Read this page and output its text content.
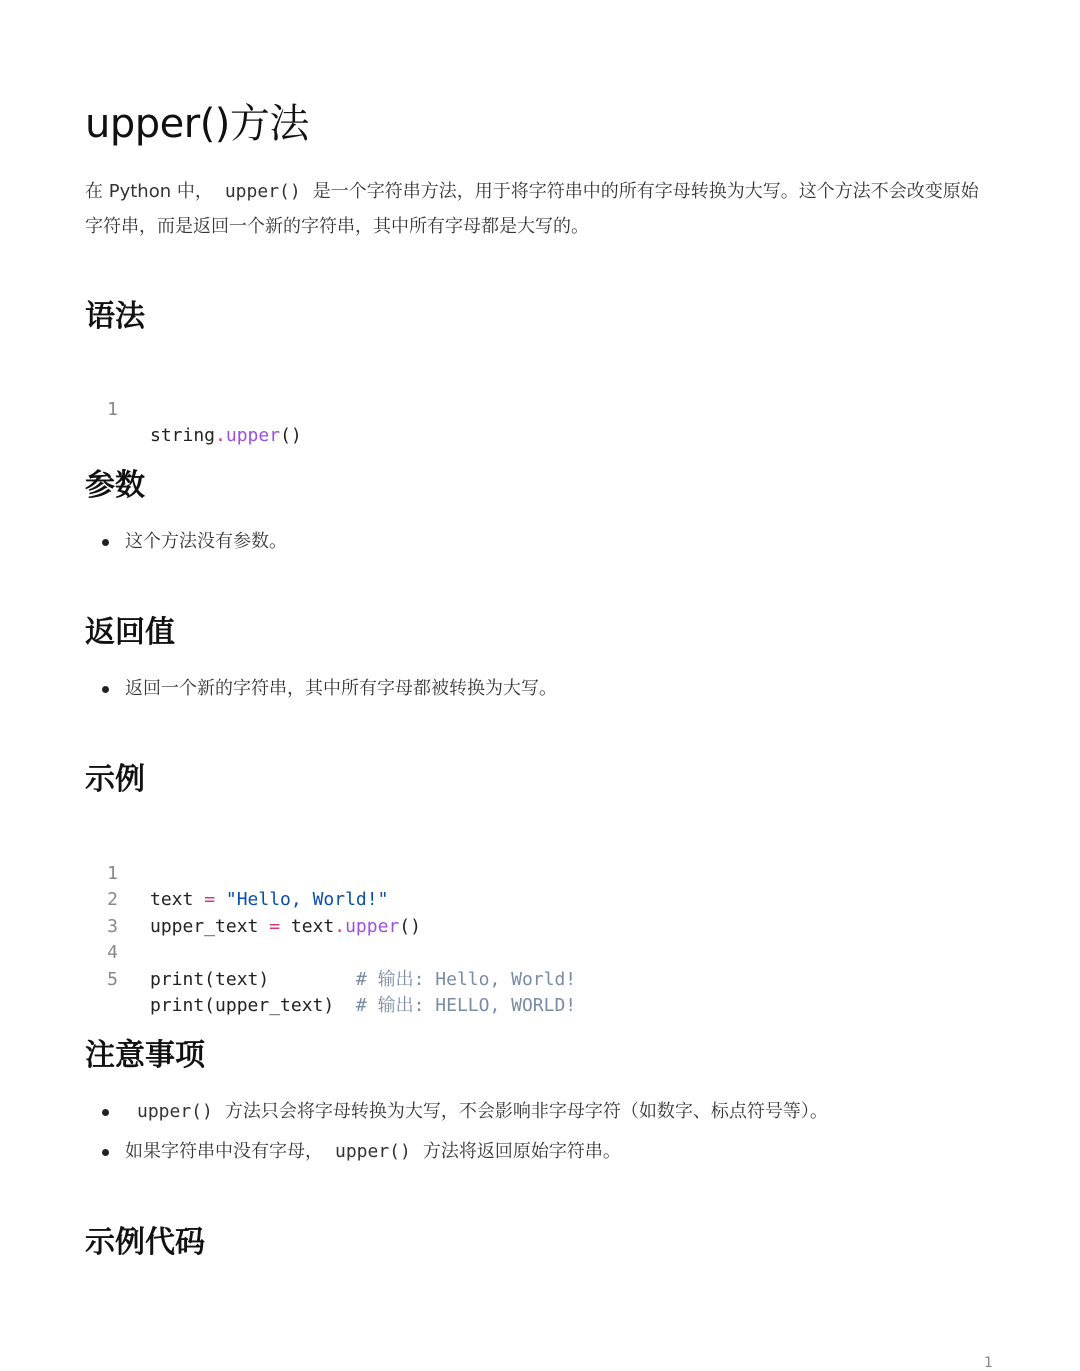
upper()方法

在 Python 中， upper() 是一个字符串方法，用于将字符串中的所有字母转换为大写。这个方法不会改变原始字符串，而是返回一个新的字符串，其中所有字母都是大写的。

语法

1

string.upper()

参数
这个方法没有参数。
返回值
返回一个新的字符串，其中所有字母都被转换为大写。
示例

1

text = "Hello, World!"

2

upper_text = text.upper()

3

4

print(text)	# 输出: Hello, World!

5

print(upper_text) # 输出: HELLO, WORLD!

注意事项
upper() 方法只会将字母转换为大写，不会影响非字母字符（如数字、标点符号等）。
如果字符串中没有字母， upper() 方法将返回原始字符串。
示例代码
1
